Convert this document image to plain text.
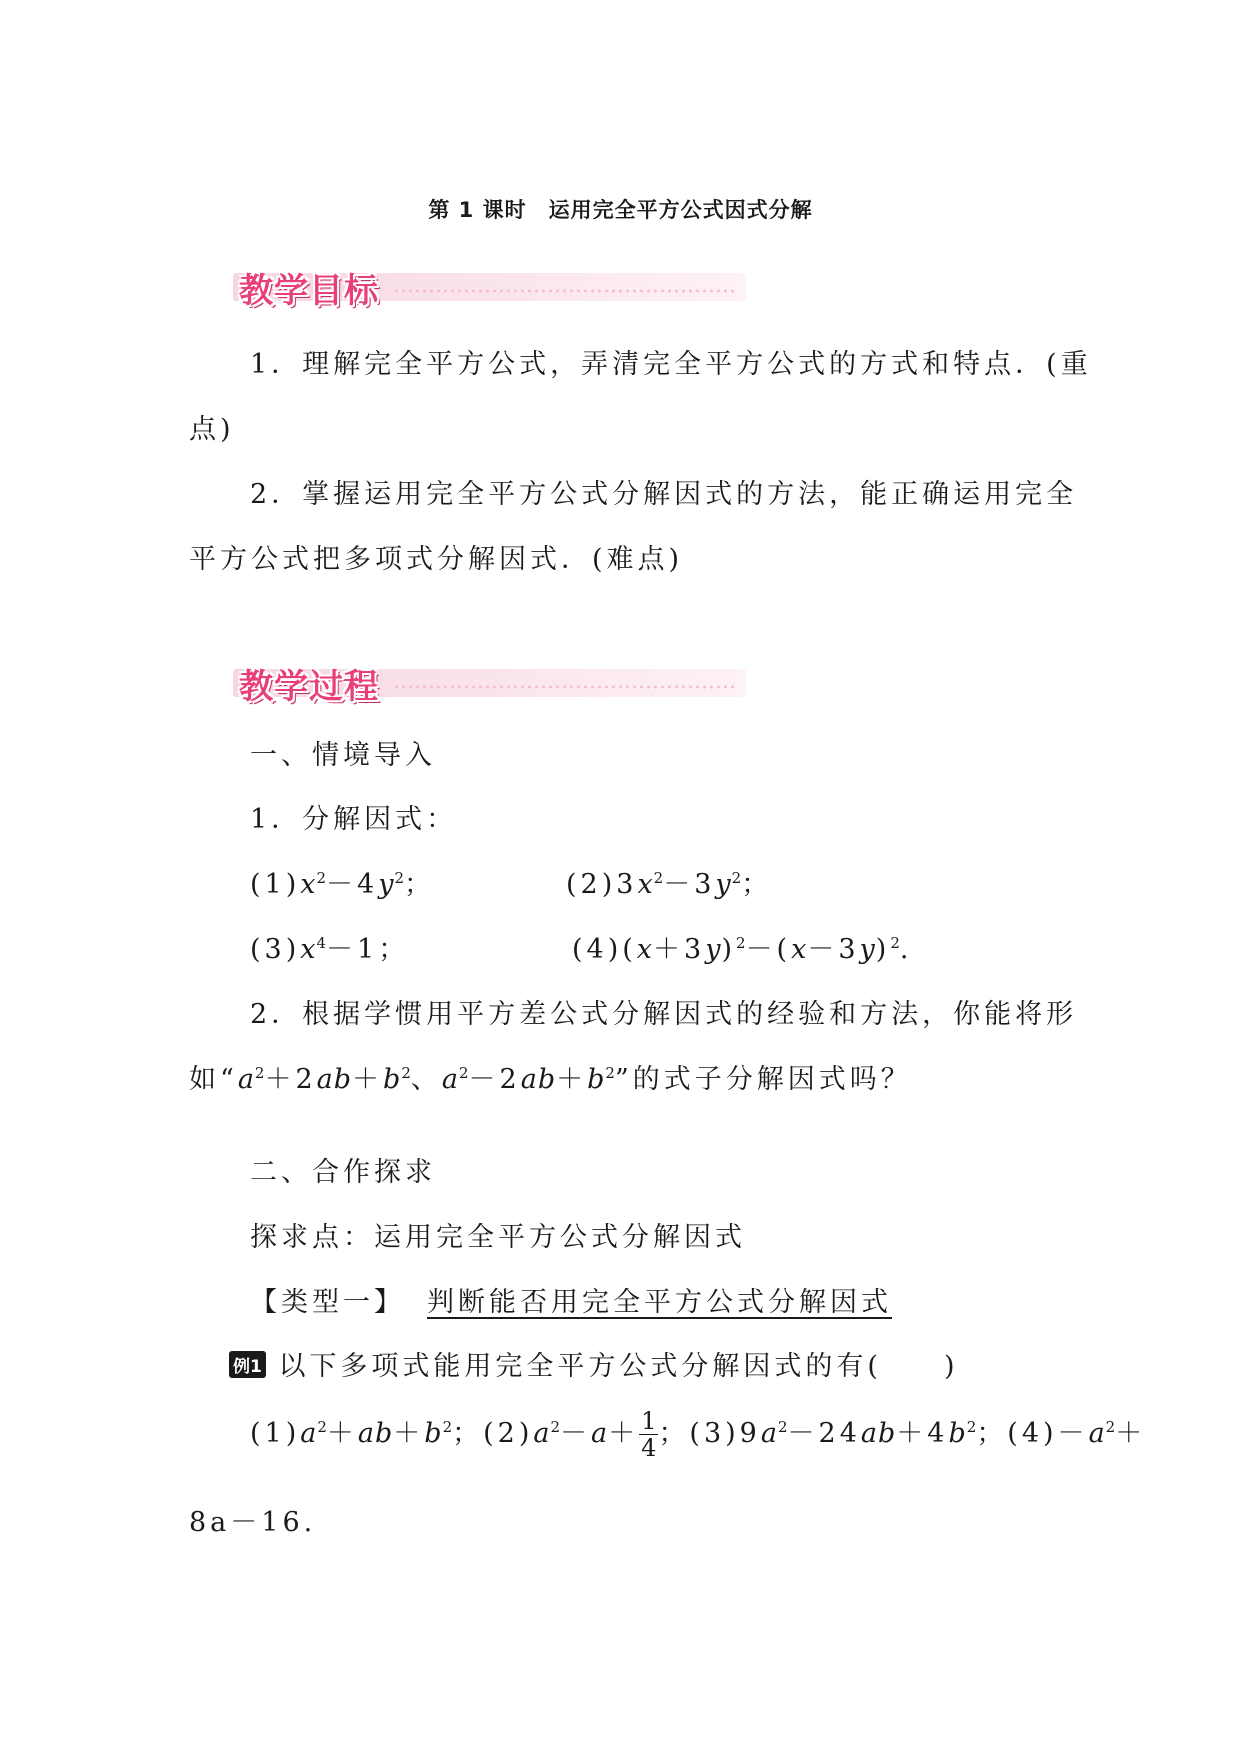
第 1 课时　运用完全平方公式因式分解
教学目标
1．理解完全平方公式，弄清完全平方公式的方式和特点．(重
点)
2．掌握运用完全平方公式分解因式的方法，能正确运用完全
平方公式把多项式分解因式．(难点)
教学过程
一、情境导入
1．分解因式：
$(1)x^2-4y^2$；	$(2)3x^2-3y^2$；
$(3)x^4-1$；	$(4)(x+3y)^2-(x-3y)^2$.
2．根据学惯用平方差公式分解因式的经验和方法，你能将形
如“$a^2+2ab+b^2$、$a^2-2ab+b^2$”的式子分解因式吗？
二、合作探求
探求点：运用完全平方公式分解因式
【类型一】 判断能否用完全平方公式分解因式
例1 以下多项式能用完全平方公式分解因式的有(　　)
$(1)a^2+ab+b^2$；$(2)a^2-a+ \frac{1}{4}$ ；$(3)9a^2-24ab+4b^2$；$(4)-a^2+$
8a－16.
